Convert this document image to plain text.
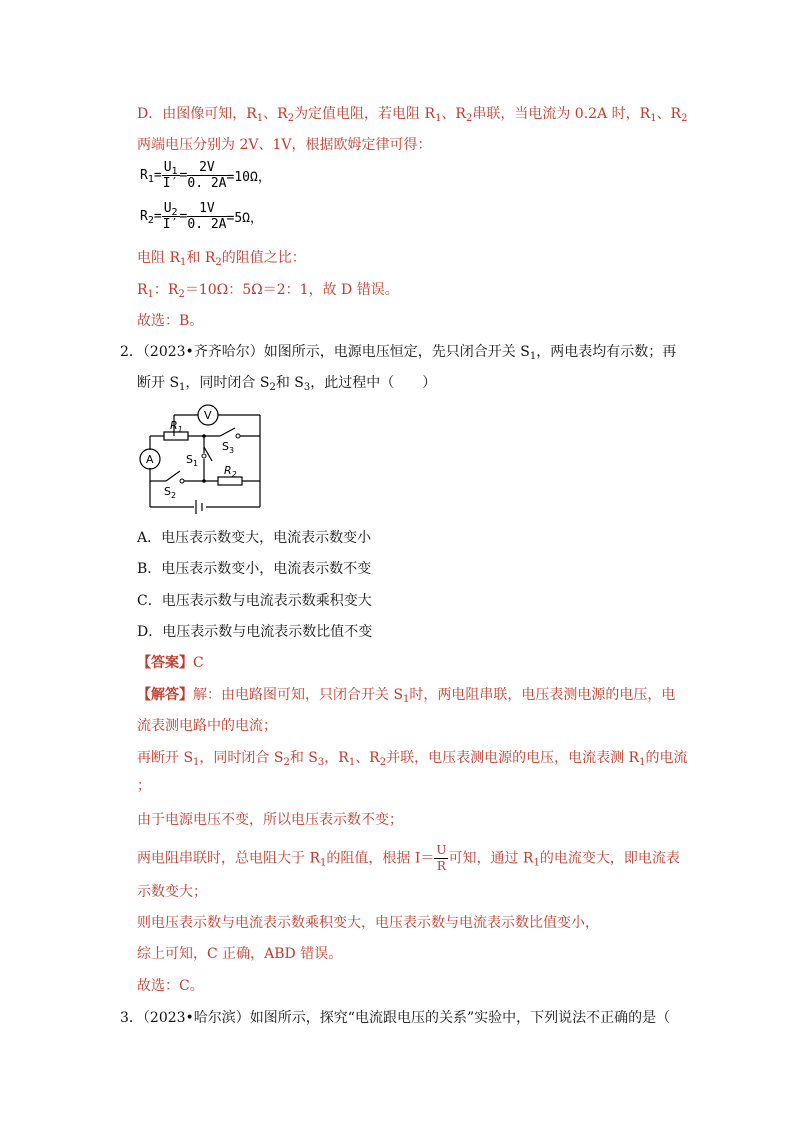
D．由图像可知，$R_1$、$R_2$为定值电阻，若电阻 $R_1$、$R_2$串联，当电流为 0.2A 时，$R_1$、$R_2$
两端电压分别为 2V、1V，根据欧姆定律可得：
$R_1= \frac{U_1}{I'} = \frac{2V}{0. 2A} =10\Omega$，
$R_2= \frac{U_2}{I'} = \frac{1V}{0. 2A} =5\Omega$，
电阻 $R_1$和 $R_2$的阻值之比：
$R_1$：$R_2=10\Omega$：5Ω＝2：1，故 D 错误。
故选：B。
2．（2023•齐齐哈尔）如图所示，电源电压恒定，先只闭合开关 $S_1$，两电表均有示数；再
断开 $S_1$，同时闭合 $S_2$和 $S_3$，此过程中（　　）
V
A
$R_1$
$R_2$
$S_3$
$S_1$
$S_2$
A．电压表示数变大，电流表示数变小
B．电压表示数变小，电流表示数不变
C．电压表示数与电流表示数乘积变大
D．电压表示数与电流表示数比值不变
【答案】C
【解答】解：由电路图可知，只闭合开关 $S_1$时，两电阻串联，电压表测电源的电压，电
流表测电路中的电流；
再断开 $S_1$，同时闭合 $S_2$和 $S_3$，$R_1$、$R_2$并联，电压表测电源的电压，电流表测 $R_1$的电流
；
由于电源电压不变，所以电压表示数不变；
两电阻串联时，总电阻大于 $R_1$的阻值，根据 $I= \frac{U}{R}$ 可知，通过 $R_1$的电流变大，即电流表
示数变大；
则电压表示数与电流表示数乘积变大，电压表示数与电流表示数比值变小，
综上可知，C 正确，ABD 错误。
故选：C。
3．（2023•哈尔滨）如图所示，探究“电流跟电压的关系”实验中，下列说法不正确的是（
